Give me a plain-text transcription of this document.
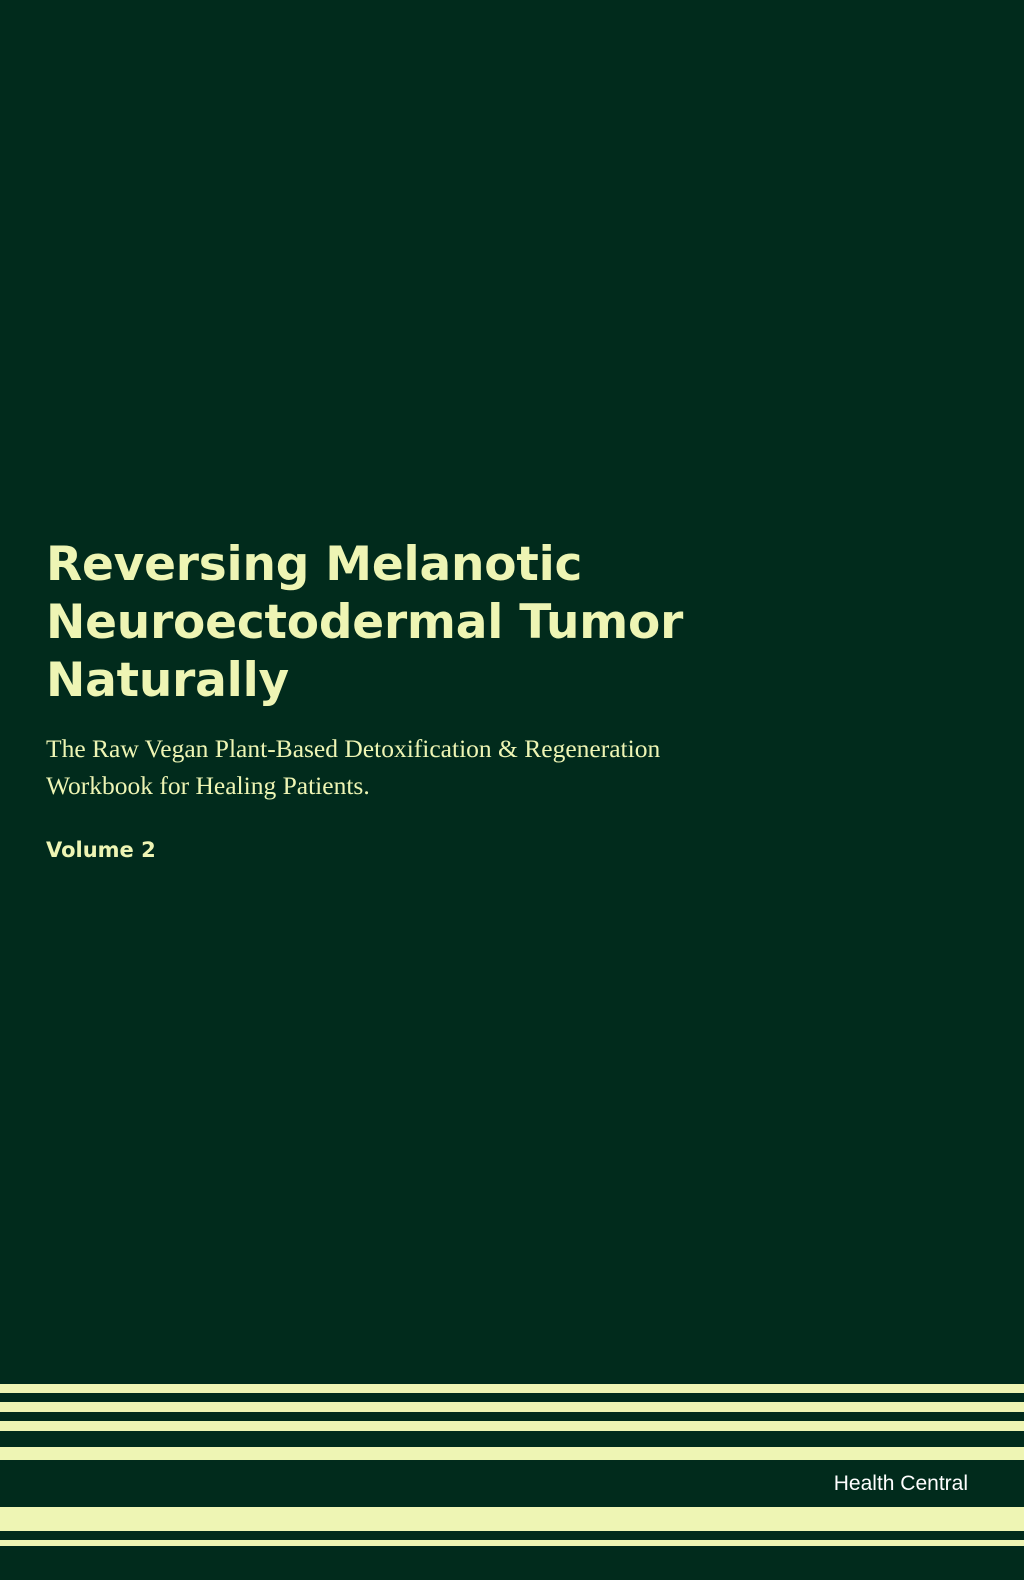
Reversing Melanotic Neuroectodermal Tumor Naturally

The Raw Vegan Plant-Based Detoxification & Regeneration Workbook for Healing Patients.

Volume 2

Health Central
